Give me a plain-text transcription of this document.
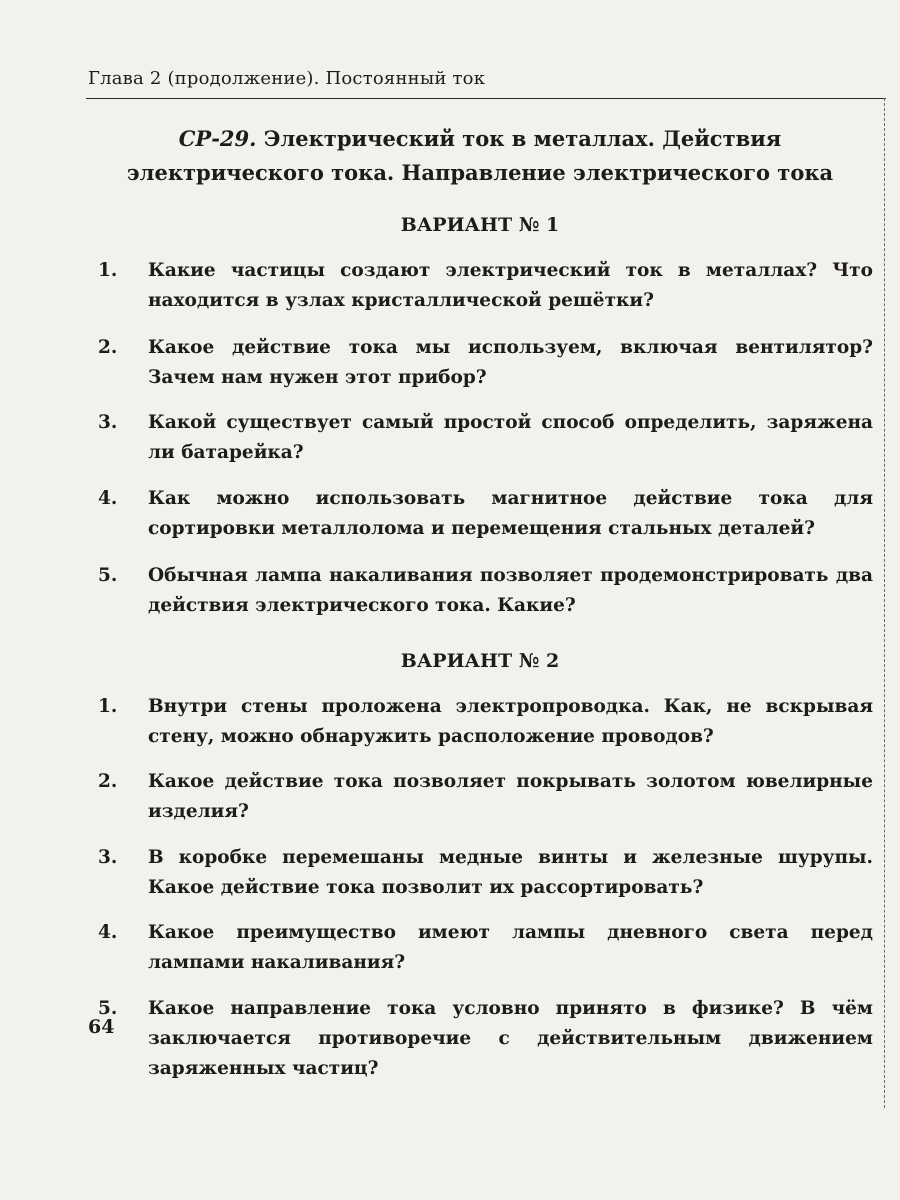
Глава 2 (продолжение). Постоянный ток
СР-29. Электрический ток в металлах. Действия
электрического тока. Направление электрического тока
ВАРИАНТ № 1
1.	Какие частицы создают электрический ток в металлах? Что находится в узлах кристаллической решётки?
2.	Какое действие тока мы используем, включая вентилятор? Зачем нам нужен этот прибор?
3.	Какой существует самый простой способ определить, заряжена ли батарейка?
4.	Как можно использовать магнитное действие тока для сортировки металлолома и перемещения стальных деталей?
5.	Обычная лампа накаливания позволяет продемонстрировать два действия электрического тока. Какие?
ВАРИАНТ № 2
1.	Внутри стены проложена электропроводка. Как, не вскрывая стену, можно обнаружить расположение проводов?
2.	Какое действие тока позволяет покрывать золотом ювелирные изделия?
3.	В коробке перемешаны медные винты и железные шурупы. Какое действие тока позволит их рассортировать?
4.	Какое преимущество имеют лампы дневного света перед лампами накаливания?
5.	Какое направление тока условно принято в физике? В чём заключается противоречие с действительным движением заряженных частиц?
64
